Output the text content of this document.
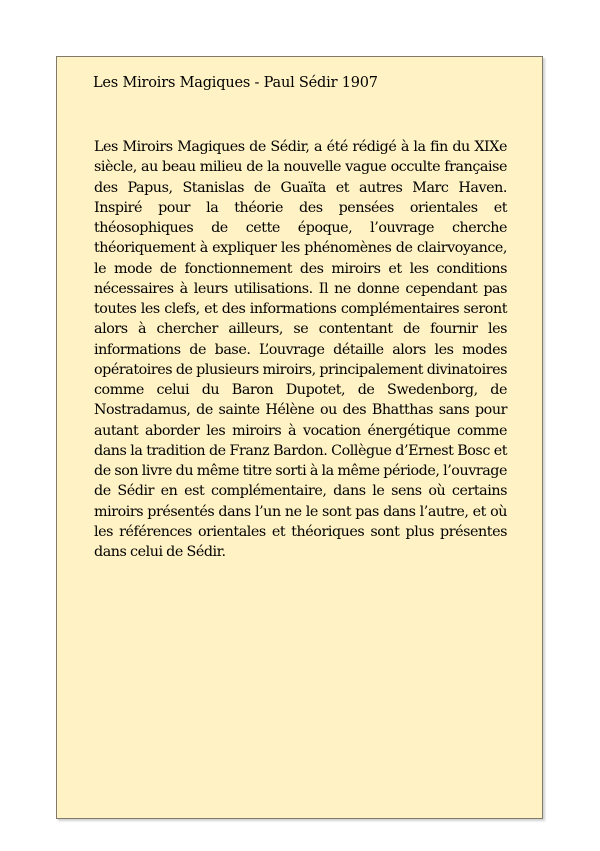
Les Miroirs Magiques - Paul Sédir 1907

Les Miroirs Magiques de Sédir, a été rédigé à la fin du XIXe siècle, au beau milieu de la nouvelle vague occulte française des Papus, Stanislas de Guaïta et autres Marc Haven. Inspiré pour la théorie des pensées orientales et théosophiques de cette époque, l’ouvrage cherche théoriquement à expliquer les phénomènes de clairvoyance, le mode de fonctionnement des miroirs et les conditions nécessaires à leurs utilisations. Il ne donne cependant pas toutes les clefs, et des informations complémentaires seront alors à chercher ailleurs, se contentant de fournir les informations de base. L’ouvrage détaille alors les modes opératoires de plusieurs miroirs, principalement divinatoires comme celui du Baron Dupotet, de Swedenborg, de Nostradamus, de sainte Hélène ou des Bhatthas sans pour autant aborder les miroirs à vocation énergétique comme dans la tradition de Franz Bardon. Collègue d’Ernest Bosc et de son livre du même titre sorti à la même période, l’ouvrage de Sédir en est complémentaire, dans le sens où certains miroirs présentés dans l’un ne le sont pas dans l’autre, et où les références orientales et théoriques sont plus présentes dans celui de Sédir.
